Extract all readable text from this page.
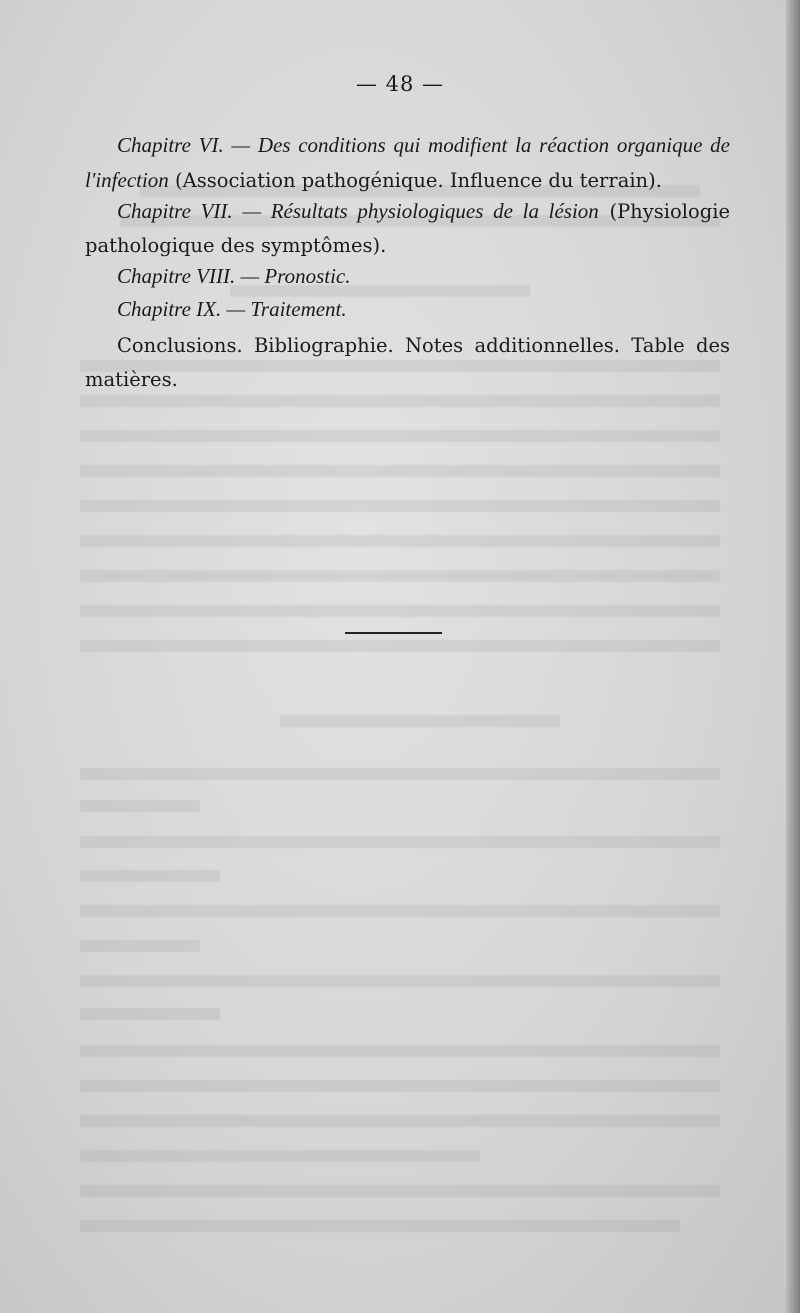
— 48 —

Chapitre VI. — Des conditions qui modifient la réaction organique de l'infection (Association pathogénique. Influence du terrain).

Chapitre VII. — Résultats physiologiques de la lésion (Physiologie pathologique des symptômes).

Chapitre VIII. — Pronostic.

Chapitre IX. — Traitement.

Conclusions. Bibliographie. Notes additionnelles. Table des matières.
